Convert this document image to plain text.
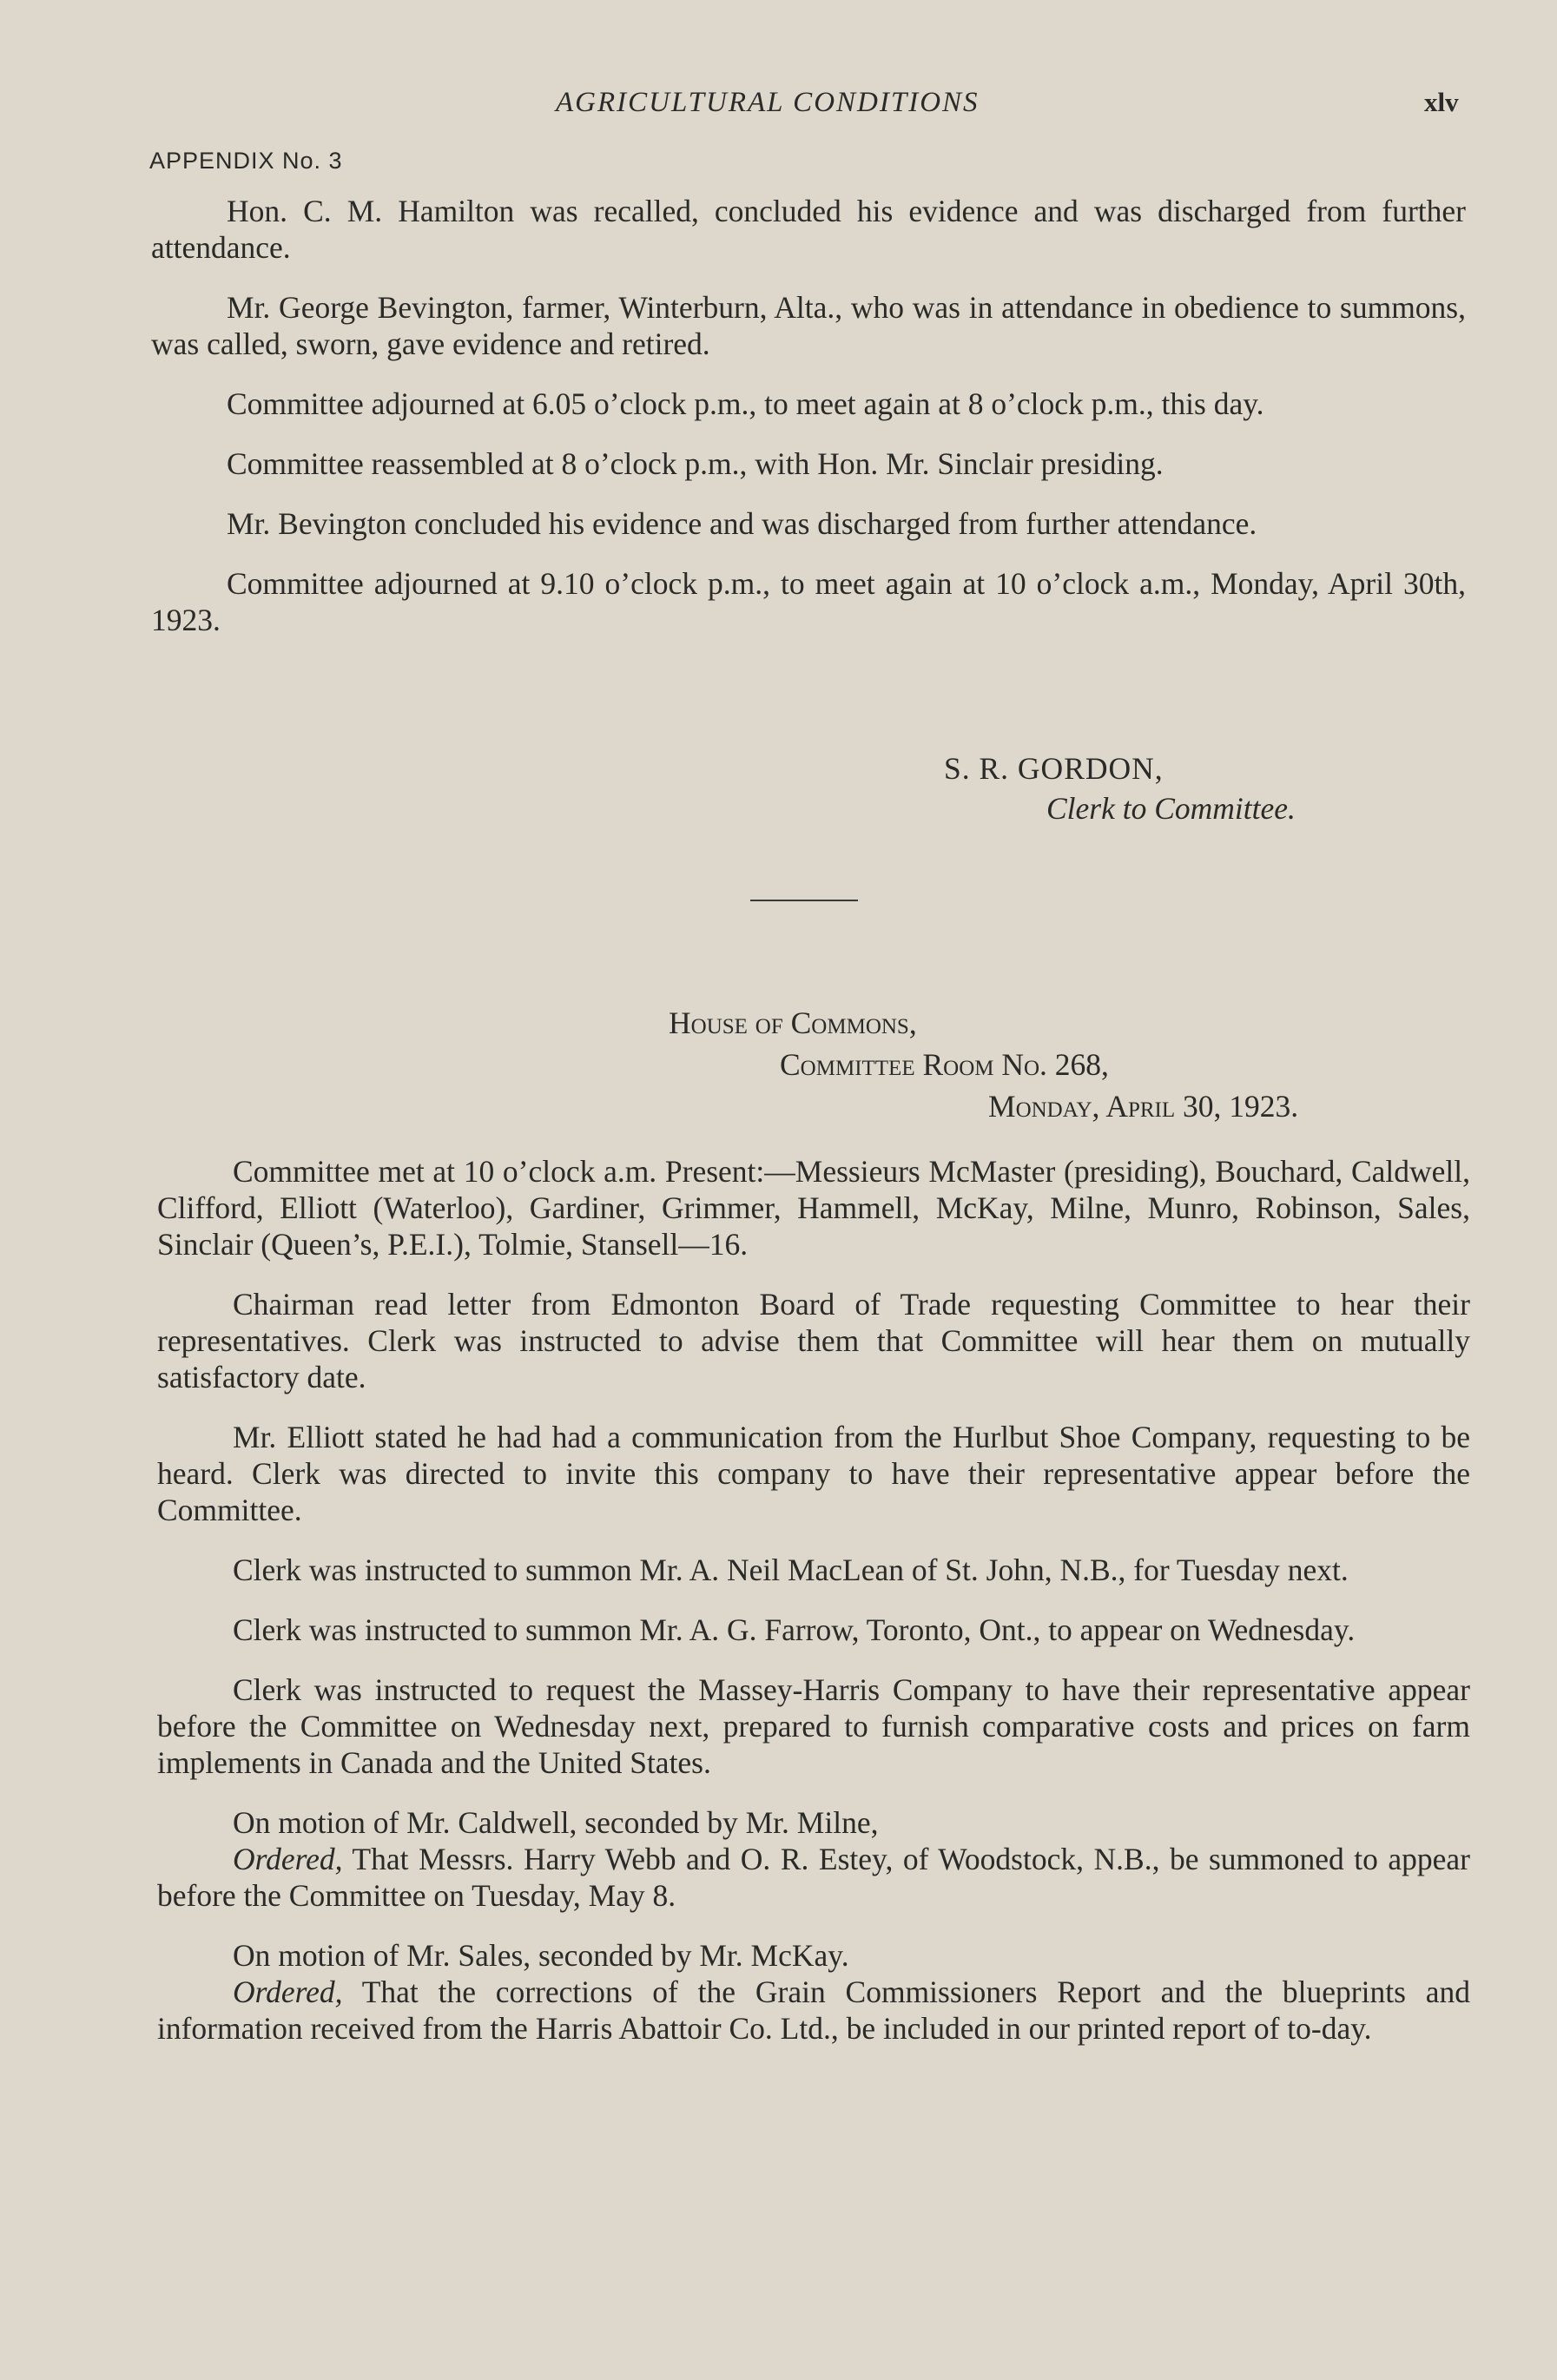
AGRICULTURAL CONDITIONS	xlv
APPENDIX No. 3

Hon. C. M. Hamilton was recalled, concluded his evidence and was discharged from further attendance.

Mr. George Bevington, farmer, Winterburn, Alta., who was in attendance in obedience to summons, was called, sworn, gave evidence and retired.

Committee adjourned at 6.05 o’clock p.m., to meet again at 8 o’clock p.m., this day.

Committee reassembled at 8 o’clock p.m., with Hon. Mr. Sinclair presiding.

Mr. Bevington concluded his evidence and was discharged from further attendance.

Committee adjourned at 9.10 o’clock p.m., to meet again at 10 o’clock a.m., Monday, April 30th, 1923.

S. R. GORDON,
Clerk to Committee.
House of Commons,
Committee Room No. 268,
Monday, April 30, 1923.

Committee met at 10 o’clock a.m. Present:—Messieurs McMaster (presiding), Bouchard, Caldwell, Clifford, Elliott (Waterloo), Gardiner, Grimmer, Hammell, McKay, Milne, Munro, Robinson, Sales, Sinclair (Queen’s, P.E.I.), Tolmie, Stansell—16.

Chairman read letter from Edmonton Board of Trade requesting Committee to hear their representatives. Clerk was instructed to advise them that Committee will hear them on mutually satisfactory date.

Mr. Elliott stated he had had a communication from the Hurlbut Shoe Company, requesting to be heard. Clerk was directed to invite this company to have their representative appear before the Committee.

Clerk was instructed to summon Mr. A. Neil MacLean of St. John, N.B., for Tuesday next.

Clerk was instructed to summon Mr. A. G. Farrow, Toronto, Ont., to appear on Wednesday.

Clerk was instructed to request the Massey-Harris Company to have their representative appear before the Committee on Wednesday next, prepared to furnish comparative costs and prices on farm implements in Canada and the United States.

On motion of Mr. Caldwell, seconded by Mr. Milne,

Ordered, That Messrs. Harry Webb and O. R. Estey, of Woodstock, N.B., be summoned to appear before the Committee on Tuesday, May 8.

On motion of Mr. Sales, seconded by Mr. McKay.

Ordered, That the corrections of the Grain Commissioners Report and the blueprints and information received from the Harris Abattoir Co. Ltd., be included in our printed report of to-day.
